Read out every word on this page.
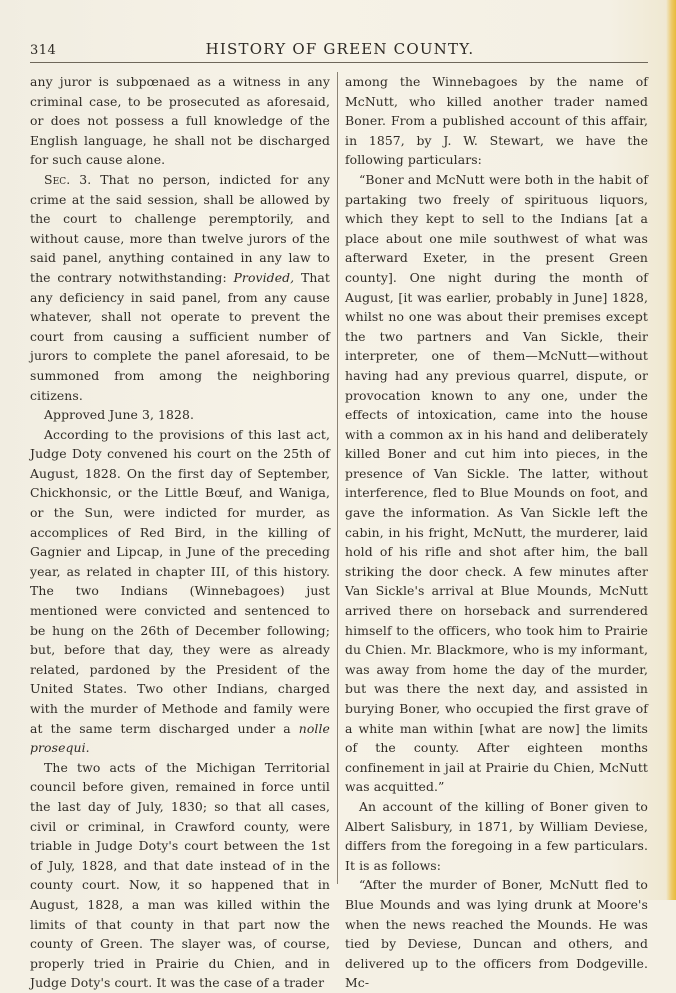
314	HISTORY OF GREEN COUNTY.

any juror is subpœnaed as a witness in any criminal case, to be prosecuted as aforesaid, or does not possess a full knowledge of the English language, he shall not be discharged for such cause alone.

Sec. 3. That no person, indicted for any crime at the said session, shall be allowed by the court to challenge peremptorily, and without cause, more than twelve jurors of the said panel, anything contained in any law to the contrary notwithstanding: Provided, That any deficiency in said panel, from any cause whatever, shall not operate to prevent the court from causing a sufficient number of jurors to complete the panel aforesaid, to be summoned from among the neighboring citizens.

Approved June 3, 1828.

According to the provisions of this last act, Judge Doty convened his court on the 25th of August, 1828. On the first day of September, Chickhonsic, or the Little Bœuf, and Waniga, or the Sun, were indicted for murder, as accomplices of Red Bird, in the killing of Gagnier and Lipcap, in June of the preceding year, as related in chapter III, of this history. The two Indians (Winnebagoes) just mentioned were convicted and sentenced to be hung on the 26th of December following; but, before that day, they were as already related, pardoned by the President of the United States. Two other Indians, charged with the murder of Methode and family were at the same term discharged under a nolle prosequi.

The two acts of the Michigan Territorial council before given, remained in force until the last day of July, 1830; so that all cases, civil or criminal, in Crawford county, were triable in Judge Doty's court between the 1st of July, 1828, and that date instead of in the county court. Now, it so happened that in August, 1828, a man was killed within the limits of that county in that part now the county of Green. The slayer was, of course, properly tried in Prairie du Chien, and in Judge Doty's court. It was the case of a trader

among the Winnebagoes by the name of McNutt, who killed another trader named Boner. From a published account of this affair, in 1857, by J. W. Stewart, we have the following particulars:

“Boner and McNutt were both in the habit of partaking two freely of spirituous liquors, which they kept to sell to the Indians [at a place about one mile southwest of what was afterward Exeter, in the present Green county]. One night during the month of August, [it was earlier, probably in June] 1828, whilst no one was about their premises except the two partners and Van Sickle, their interpreter, one of them—McNutt—without having had any previous quarrel, dispute, or provocation known to any one, under the effects of intoxication, came into the house with a common ax in his hand and deliberately killed Boner and cut him into pieces, in the presence of Van Sickle. The latter, without interference, fled to Blue Mounds on foot, and gave the information. As Van Sickle left the cabin, in his fright, McNutt, the murderer, laid hold of his rifle and shot after him, the ball striking the door check. A few minutes after Van Sickle's arrival at Blue Mounds, McNutt arrived there on horseback and surrendered himself to the officers, who took him to Prairie du Chien. Mr. Blackmore, who is my informant, was away from home the day of the murder, but was there the next day, and assisted in burying Boner, who occupied the first grave of a white man within [what are now] the limits of the county. After eighteen months confinement in jail at Prairie du Chien, McNutt was acquitted.”

An account of the killing of Boner given to Albert Salisbury, in 1871, by William Deviese, differs from the foregoing in a few particulars. It is as follows:

“After the murder of Boner, McNutt fled to Blue Mounds and was lying drunk at Moore's when the news reached the Mounds. He was tied by Deviese, Duncan and others, and delivered up to the officers from Dodgeville. Mc-
